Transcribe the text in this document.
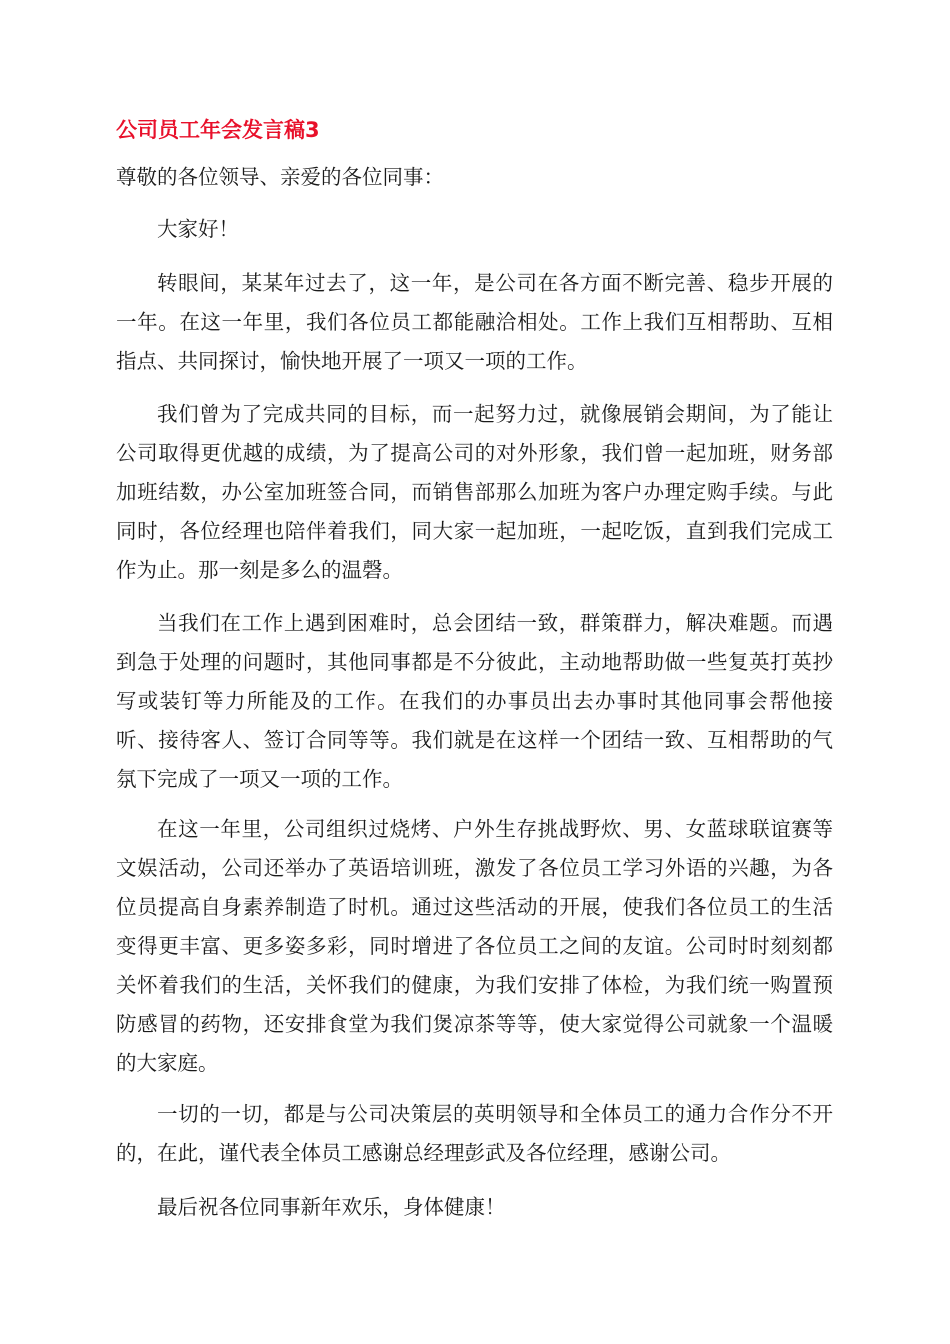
公司员工年会发言稿3

尊敬的各位领导、亲爱的各位同事：

大家好！

转眼间，某某年过去了，这一年，是公司在各方面不断完善、稳步开展的一年。在这一年里，我们各位员工都能融洽相处。工作上我们互相帮助、互相指点、共同探讨，愉快地开展了一项又一项的工作。

我们曾为了完成共同的目标，而一起努力过，就像展销会期间，为了能让公司取得更优越的成绩，为了提高公司的对外形象，我们曾一起加班，财务部加班结数，办公室加班签合同，而销售部那么加班为客户办理定购手续。与此同时，各位经理也陪伴着我们，同大家一起加班，一起吃饭，直到我们完成工作为止。那一刻是多么的温磬。

当我们在工作上遇到困难时，总会团结一致，群策群力，解决难题。而遇到急于处理的问题时，其他同事都是不分彼此，主动地帮助做一些复英打英抄写或装钉等力所能及的工作。在我们的办事员出去办事时其他同事会帮他接听、接待客人、签订合同等等。我们就是在这样一个团结一致、互相帮助的气氛下完成了一项又一项的工作。

在这一年里，公司组织过烧烤、户外生存挑战野炊、男、女蓝球联谊赛等文娱活动，公司还举办了英语培训班，激发了各位员工学习外语的兴趣，为各位员提高自身素养制造了时机。通过这些活动的开展，使我们各位员工的生活变得更丰富、更多姿多彩，同时增进了各位员工之间的友谊。公司时时刻刻都关怀着我们的生活，关怀我们的健康，为我们安排了体检，为我们统一购置预防感冒的药物，还安排食堂为我们煲凉茶等等，使大家觉得公司就象一个温暖的大家庭。

一切的一切，都是与公司决策层的英明领导和全体员工的通力合作分不开的，在此，谨代表全体员工感谢总经理彭武及各位经理，感谢公司。

最后祝各位同事新年欢乐，身体健康！
